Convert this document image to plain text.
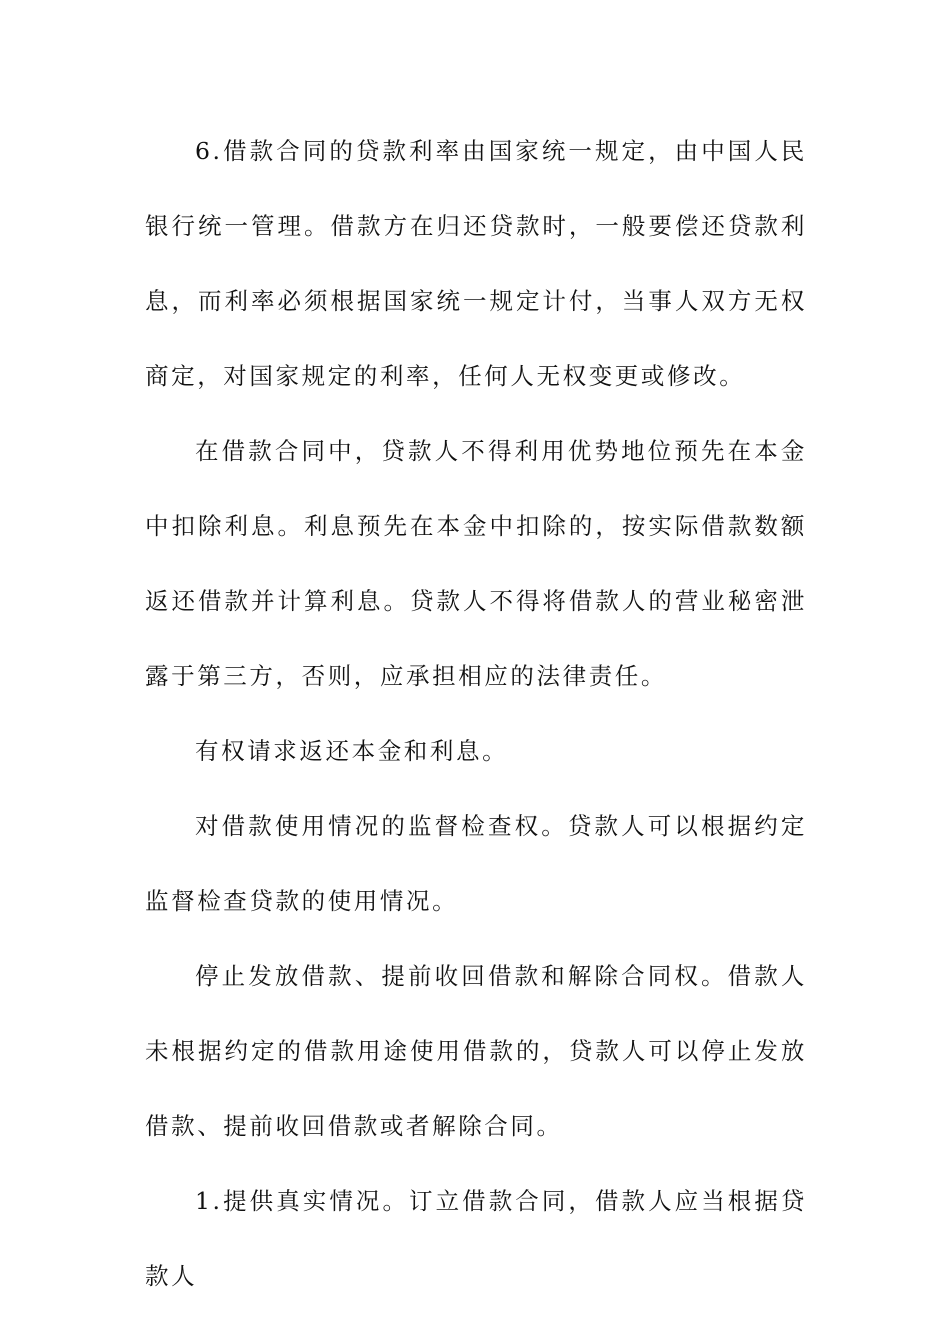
6.借款合同的贷款利率由国家统一规定，由中国人民银行统一管理。借款方在归还贷款时，一般要偿还贷款利息，而利率必须根据国家统一规定计付，当事人双方无权商定，对国家规定的利率，任何人无权变更或修改。

在借款合同中，贷款人不得利用优势地位预先在本金中扣除利息。利息预先在本金中扣除的，按实际借款数额返还借款并计算利息。贷款人不得将借款人的营业秘密泄露于第三方，否则，应承担相应的法律责任。

有权请求返还本金和利息。

对借款使用情况的监督检查权。贷款人可以根据约定监督检查贷款的使用情况。

停止发放借款、提前收回借款和解除合同权。借款人未根据约定的借款用途使用借款的，贷款人可以停止发放借款、提前收回借款或者解除合同。

1.提供真实情况。订立借款合同，借款人应当根据贷款人
